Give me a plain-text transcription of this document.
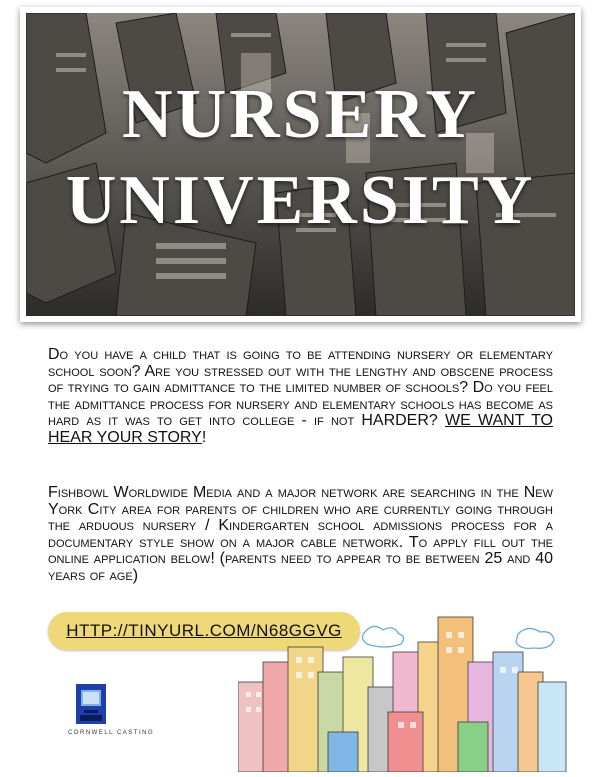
NURSERY
UNIVERSITY
Do you have a child that is going to be attending nursery or elementary school soon? Are you stressed out with the lengthy and obscene process of trying to gain admittance to the limited number of schools? Do you feel the admittance process for nursery and elementary schools has become as hard as it was to get into college - if not HARDER? WE WANT TO HEAR YOUR STORY!
Fishbowl Worldwide Media and a major network are searching in the New York City area for parents of children who are currently going through the arduous nursery / Kindergarten school admissions process for a documentary style show on a major cable network. To apply fill out the online application below! (parents need to appear to be between 25 and 40 years of age)
HTTP://TINYURL.COM/N68GGVG
CORNWELL CASTING
